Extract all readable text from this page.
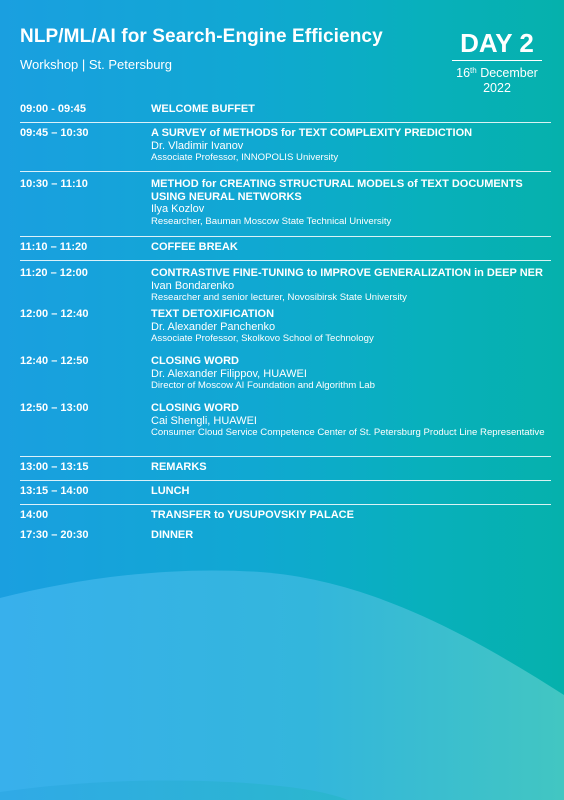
NLP/ML/AI for Search-Engine Efficiency
Workshop | St. Petersburg
DAY 2
16th December
2022
09:00 - 09:45	WELCOME BUFFET
09:45 – 10:30	A SURVEY of METHODS for TEXT COMPLEXITY PREDICTION
Dr. Vladimir Ivanov
Associate Professor, INNOPOLIS University
10:30 – 11:10	METHOD for CREATING STRUCTURAL MODELS of TEXT DOCUMENTS USING NEURAL NETWORKS
Ilya Kozlov
Researcher, Bauman Moscow State Technical University
11:10 – 11:20	COFFEE BREAK
11:20 – 12:00	CONTRASTIVE FINE-TUNING to IMPROVE GENERALIZATION in DEEP NER
Ivan Bondarenko
Researcher and senior lecturer, Novosibirsk State University
12:00 – 12:40	TEXT DETOXIFICATION
Dr. Alexander Panchenko
Associate Professor, Skolkovo School of Technology
12:40 – 12:50	CLOSING WORD
Dr. Alexander Filippov, HUAWEI
Director of Moscow AI Foundation and Algorithm Lab
12:50 – 13:00	CLOSING WORD
Cai Shengli, HUAWEI
Consumer Cloud Service Competence Center of St. Petersburg Product Line Representative
13:00 – 13:15	REMARKS
13:15 – 14:00	LUNCH
14:00	TRANSFER to YUSUPOVSKIY PALACE
17:30 – 20:30	DINNER
